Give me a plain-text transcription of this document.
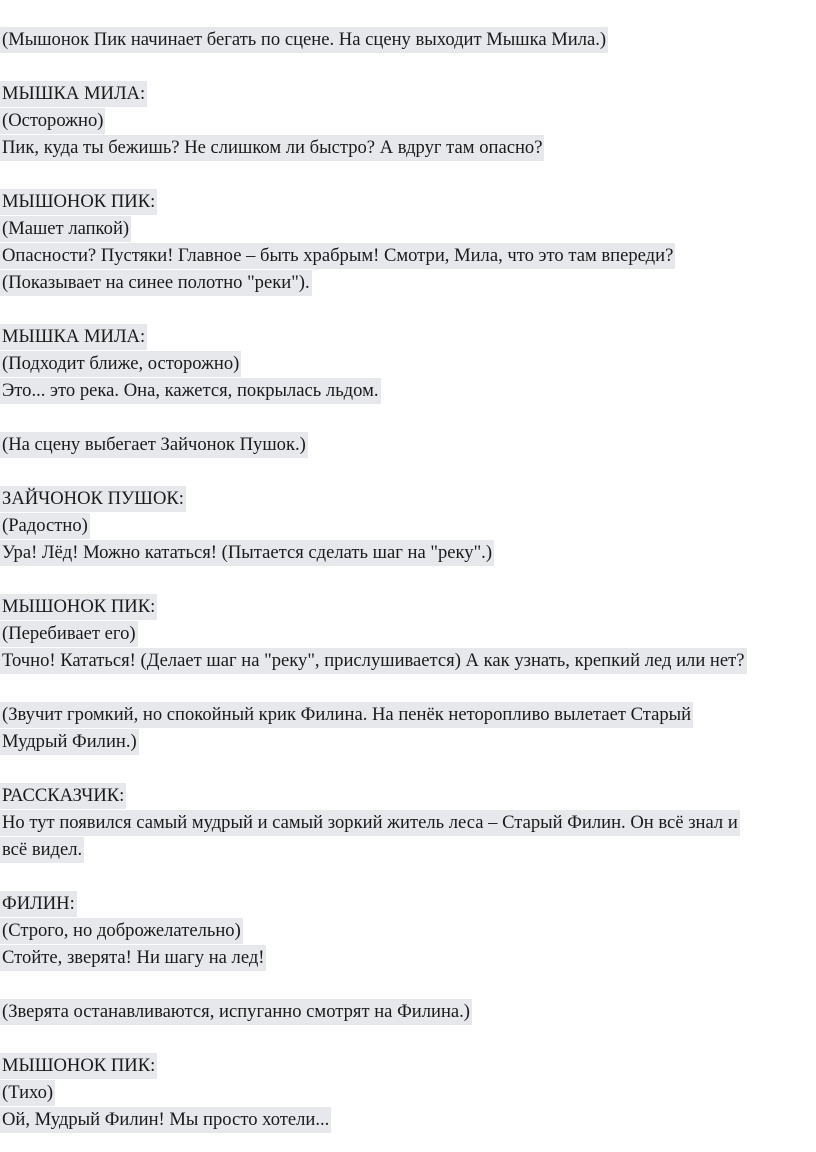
(Мышонок Пик начинает бегать по сцене. На сцену выходит Мышка Мила.)
МЫШКА МИЛА:
(Осторожно)
Пик, куда ты бежишь? Не слишком ли быстро? А вдруг там опасно?
МЫШОНОК ПИК:
(Машет лапкой)
Опасности? Пустяки! Главное – быть храбрым! Смотри, Мила, что это там впереди?
(Показывает на синее полотно "реки").
МЫШКА МИЛА:
(Подходит ближе, осторожно)
Это... это река. Она, кажется, покрылась льдом.
(На сцену выбегает Зайчонок Пушок.)
ЗАЙЧОНОК ПУШОК:
(Радостно)
Ура! Лёд! Можно кататься! (Пытается сделать шаг на "реку".)
МЫШОНОК ПИК:
(Перебивает его)
Точно! Кататься! (Делает шаг на "реку", прислушивается) А как узнать, крепкий лед или нет?
(Звучит громкий, но спокойный крик Филина. На пенёк неторопливо вылетает Старый
Мудрый Филин.)
РАССКАЗЧИК:
Но тут появился самый мудрый и самый зоркий житель леса – Старый Филин. Он всё знал и
всё видел.
ФИЛИН:
(Строго, но доброжелательно)
Стойте, зверята! Ни шагу на лед!
(Зверята останавливаются, испуганно смотрят на Филина.)
МЫШОНОК ПИК:
(Тихо)
Ой, Мудрый Филин! Мы просто хотели...
